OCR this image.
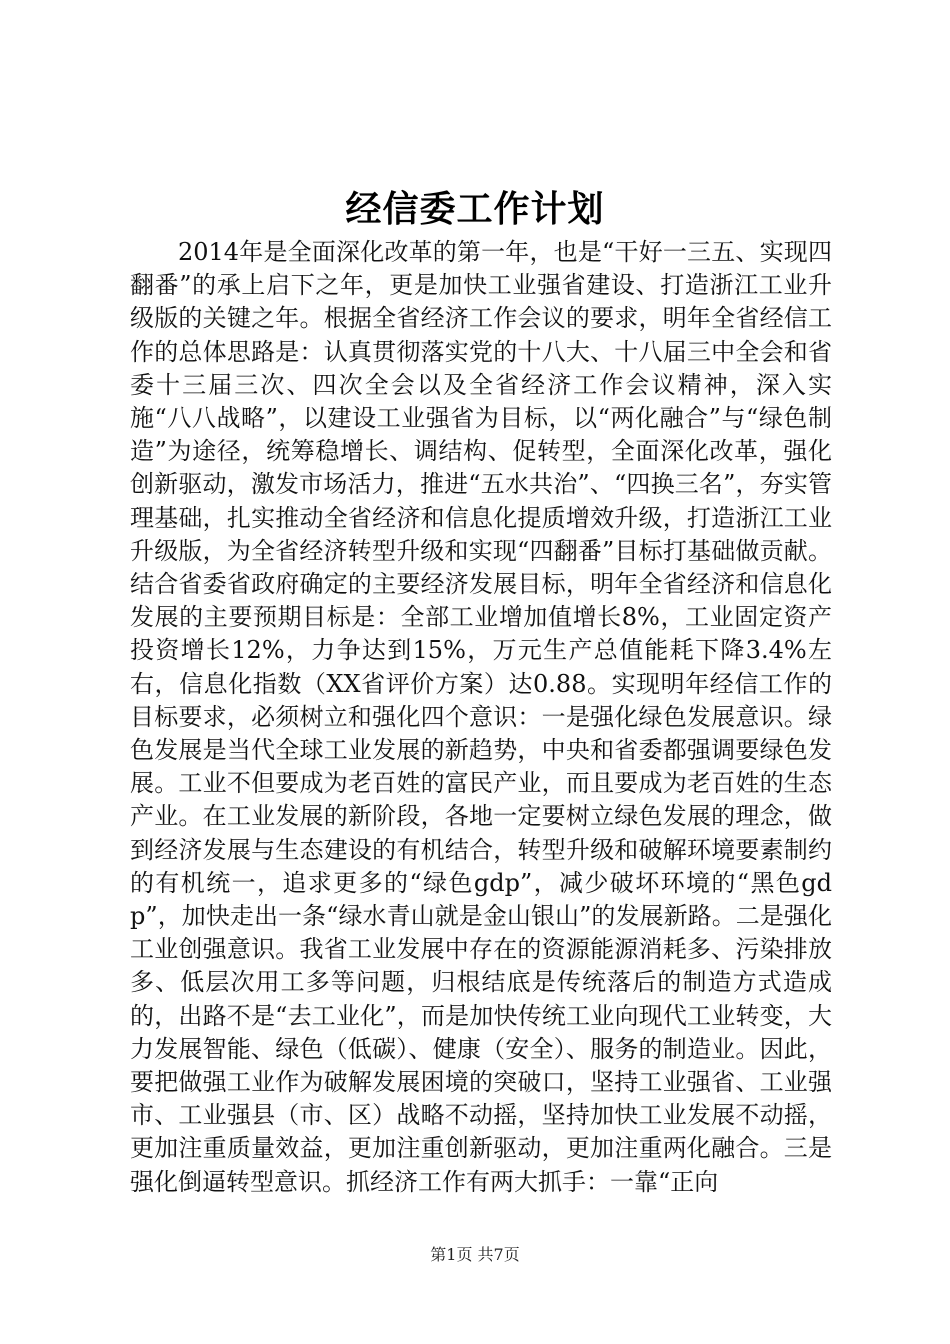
经信委工作计划

2014年是全面深化改革的第一年，也是“干好一三五、实现四翻番”的承上启下之年，更是加快工业强省建设、打造浙江工业升级版的关键之年。根据全省经济工作会议的要求，明年全省经信工作的总体思路是：认真贯彻落实党的十八大、十八届三中全会和省委十三届三次、四次全会以及全省经济工作会议精神，深入实施“八八战略”，以建设工业强省为目标，以“两化融合”与“绿色制造”为途径，统筹稳增长、调结构、促转型，全面深化改革，强化创新驱动，激发市场活力，推进“五水共治”、“四换三名”，夯实管理基础，扎实推动全省经济和信息化提质增效升级，打造浙江工业升级版，为全省经济转型升级和实现“四翻番”目标打基础做贡献。结合省委省政府确定的主要经济发展目标，明年全省经济和信息化发展的主要预期目标是：全部工业增加值增长8%，工业固定资产投资增长12%，力争达到15%，万元生产总值能耗下降3.4%左右，信息化指数（XX省评价方案）达0.88。实现明年经信工作的目标要求，必须树立和强化四个意识：一是强化绿色发展意识。绿色发展是当代全球工业发展的新趋势，中央和省委都强调要绿色发展。工业不但要成为老百姓的富民产业，而且要成为老百姓的生态产业。在工业发展的新阶段，各地一定要树立绿色发展的理念，做到经济发展与生态建设的有机结合，转型升级和破解环境要素制约的有机统一，追求更多的“绿色gdp”，减少破坏环境的“黑色gdp”，加快走出一条“绿水青山就是金山银山”的发展新路。二是强化工业创强意识。我省工业发展中存在的资源能源消耗多、污染排放多、低层次用工多等问题，归根结底是传统落后的制造方式造成的，出路不是“去工业化”，而是加快传统工业向现代工业转变，大力发展智能、绿色（低碳）、健康（安全）、服务的制造业。因此，要把做强工业作为破解发展困境的突破口，坚持工业强省、工业强市、工业强县（市、区）战略不动摇，坚持加快工业发展不动摇，更加注重质量效益，更加注重创新驱动，更加注重两化融合。三是强化倒逼转型意识。抓经济工作有两大抓手：一靠“正向

第1页 共7页
